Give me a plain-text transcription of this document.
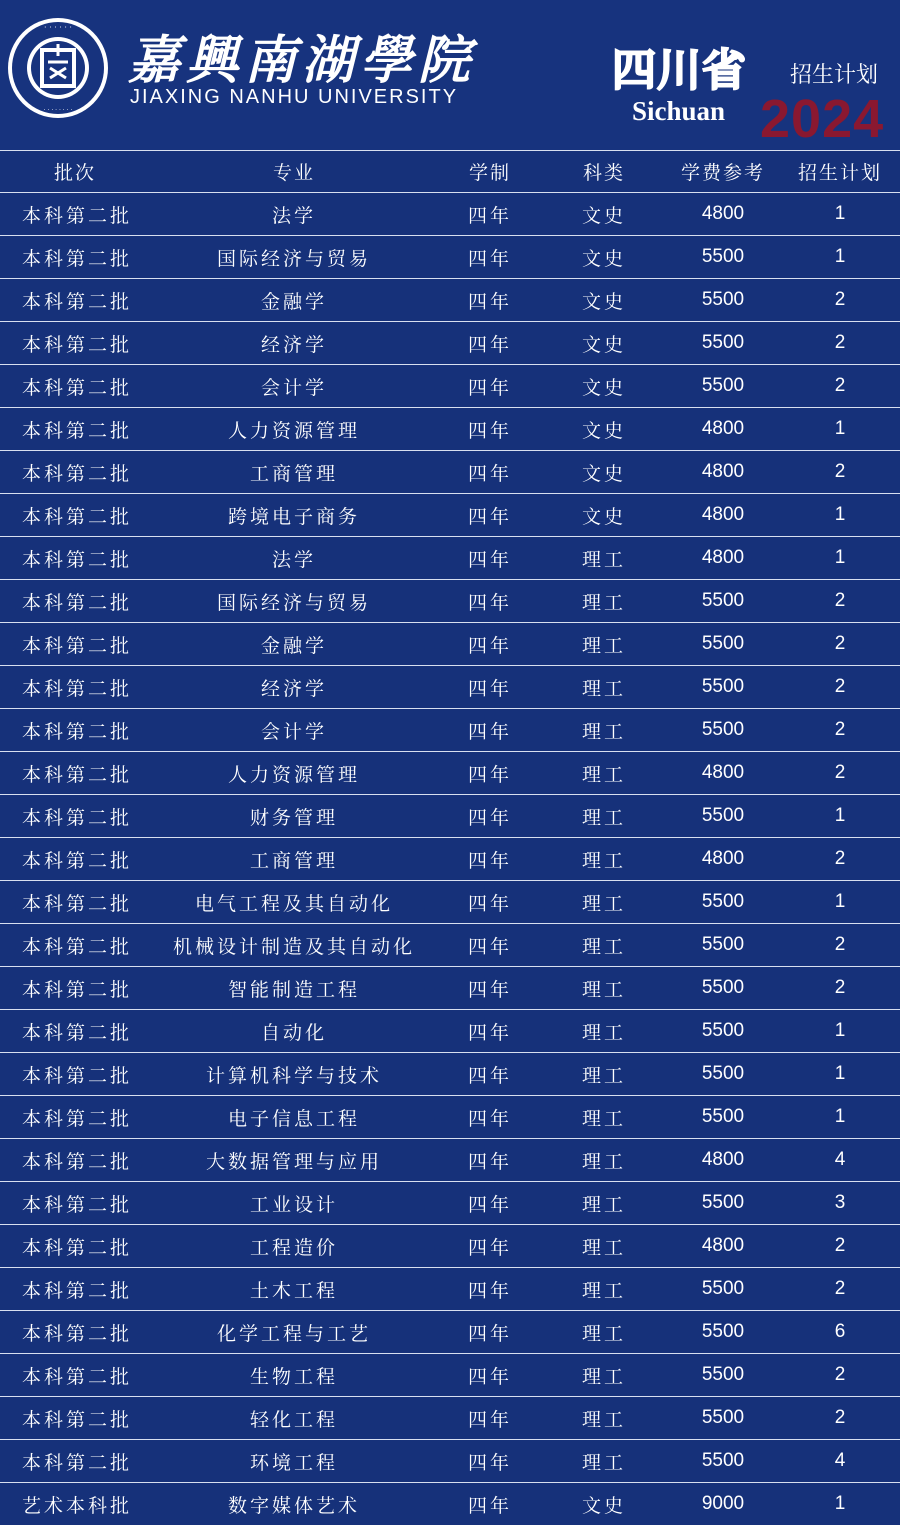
· · · · · ·
· · · · · · · ·
嘉興南湖學院
JIAXING NANHU UNIVERSITY
四川省 招生计划
Sichuan 2024
批次	专业	学制	科类	学费参考	招生计划
本科第二批	法学	四年	文史	4800	1
本科第二批	国际经济与贸易	四年	文史	5500	1
本科第二批	金融学	四年	文史	5500	2
本科第二批	经济学	四年	文史	5500	2
本科第二批	会计学	四年	文史	5500	2
本科第二批	人力资源管理	四年	文史	4800	1
本科第二批	工商管理	四年	文史	4800	2
本科第二批	跨境电子商务	四年	文史	4800	1
本科第二批	法学	四年	理工	4800	1
本科第二批	国际经济与贸易	四年	理工	5500	2
本科第二批	金融学	四年	理工	5500	2
本科第二批	经济学	四年	理工	5500	2
本科第二批	会计学	四年	理工	5500	2
本科第二批	人力资源管理	四年	理工	4800	2
本科第二批	财务管理	四年	理工	5500	1
本科第二批	工商管理	四年	理工	4800	2
本科第二批	电气工程及其自动化	四年	理工	5500	1
本科第二批	机械设计制造及其自动化	四年	理工	5500	2
本科第二批	智能制造工程	四年	理工	5500	2
本科第二批	自动化	四年	理工	5500	1
本科第二批	计算机科学与技术	四年	理工	5500	1
本科第二批	电子信息工程	四年	理工	5500	1
本科第二批	大数据管理与应用	四年	理工	4800	4
本科第二批	工业设计	四年	理工	5500	3
本科第二批	工程造价	四年	理工	4800	2
本科第二批	土木工程	四年	理工	5500	2
本科第二批	化学工程与工艺	四年	理工	5500	6
本科第二批	生物工程	四年	理工	5500	2
本科第二批	轻化工程	四年	理工	5500	2
本科第二批	环境工程	四年	理工	5500	4
艺术本科批	数字媒体艺术	四年	文史	9000	1
